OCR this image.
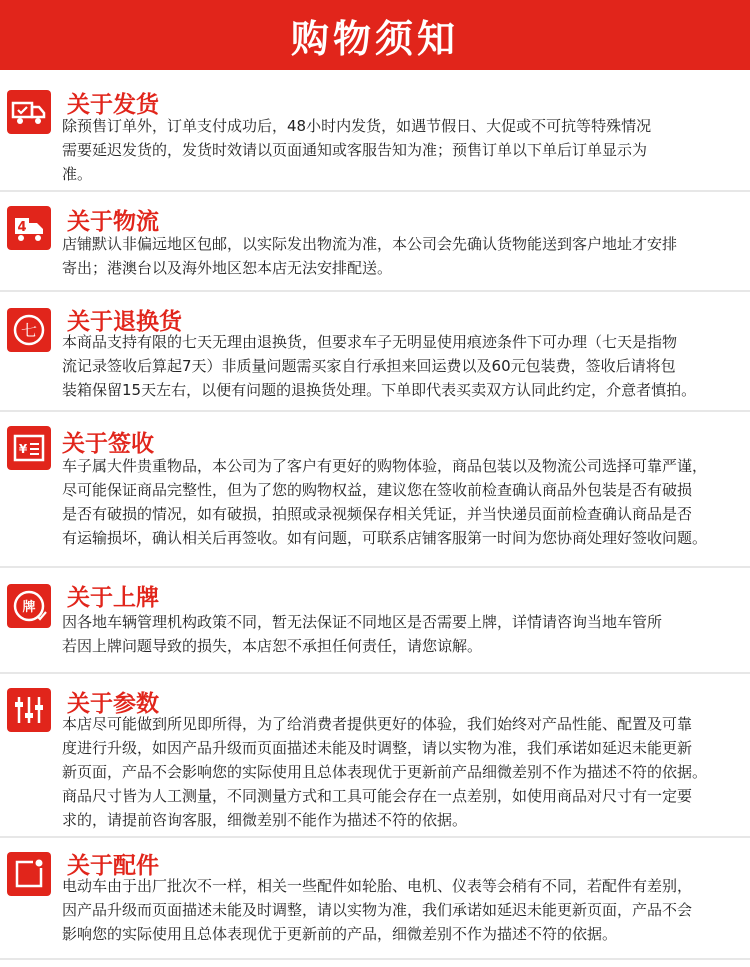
购物须知
关于发货

除预售订单外，订单支付成功后，48小时内发货，如遇节假日、大促或不可抗等特殊情况

需要延迟发货的，发货时效请以页面通知或客服告知为准；预售订单以下单后订单显示为

准。

4 关于物流

店铺默认非偏远地区包邮，以实际发出物流为准，本公司会先确认货物能送到客户地址才安排

寄出；港澳台以及海外地区恕本店无法安排配送。

七 关于退换货

本商品支持有限的七天无理由退换货，但要求车子无明显使用痕迹条件下可办理（七天是指物

流记录签收后算起7天）非质量问题需买家自行承担来回运费以及60元包装费，签收后请将包

装箱保留15天左右，以便有问题的退换货处理。下单即代表买卖双方认同此约定，介意者慎拍。

¥ 关于签收

车子属大件贵重物品，本公司为了客户有更好的购物体验，商品包装以及物流公司选择可靠严谨，

尽可能保证商品完整性，但为了您的购物权益，建议您在签收前检查确认商品外包装是否有破损

是否有破损的情况，如有破损，拍照或录视频保存相关凭证，并当快递员面前检查确认商品是否

有运输损坏，确认相关后再签收。如有问题，可联系店铺客服第一时间为您协商处理好签收问题。

牌 关于上牌

因各地车辆管理机构政策不同，暂无法保证不同地区是否需要上牌，详情请咨询当地车管所

若因上牌问题导致的损失，本店恕不承担任何责任，请您谅解。

关于参数

本店尽可能做到所见即所得，为了给消费者提供更好的体验，我们始终对产品性能、配置及可靠

度进行升级，如因产品升级而页面描述未能及时调整，请以实物为准，我们承诺如延迟未能更新

新页面，产品不会影响您的实际使用且总体表现优于更新前产品细微差别不作为描述不符的依据。

商品尺寸皆为人工测量，不同测量方式和工具可能会存在一点差别，如使用商品对尺寸有一定要

求的，请提前咨询客服，细微差别不能作为描述不符的依据。

关于配件

电动车由于出厂批次不一样，相关一些配件如轮胎、电机、仪表等会稍有不同，若配件有差别，

因产品升级而页面描述未能及时调整，请以实物为准，我们承诺如延迟未能更新页面，产品不会

影响您的实际使用且总体表现优于更新前的产品，细微差别不作为描述不符的依据。
